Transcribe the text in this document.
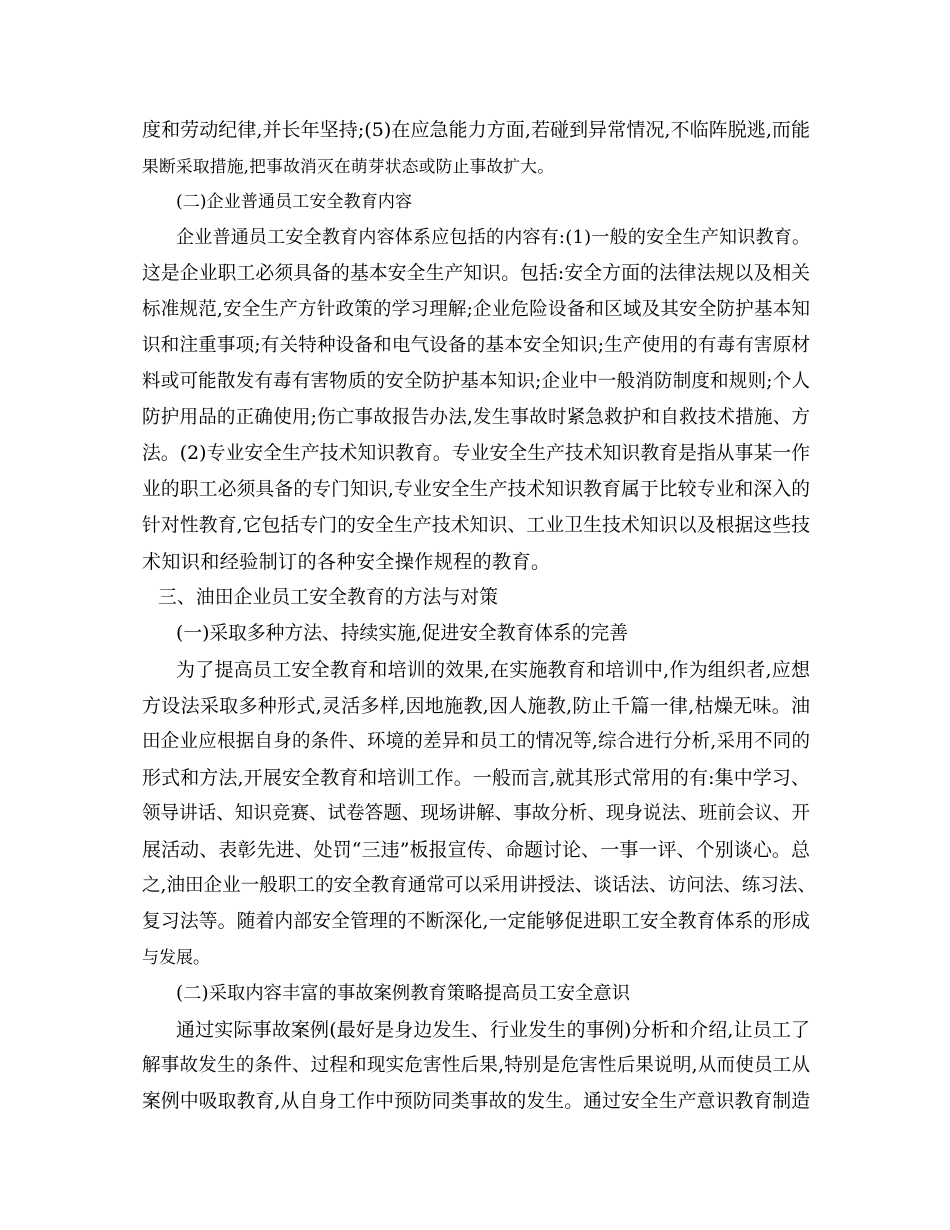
度和劳动纪律,并长年坚持;(5)在应急能力方面,若碰到异常情况,不临阵脱逃,而能
果断采取措施,把事故消灭在萌芽状态或防止事故扩大。
(二)企业普通员工安全教育内容
企业普通员工安全教育内容体系应包括的内容有:(1)一般的安全生产知识教育。
这是企业职工必须具备的基本安全生产知识。包括:安全方面的法律法规以及相关
标准规范,安全生产方针政策的学习理解;企业危险设备和区域及其安全防护基本知
识和注重事项;有关特种设备和电气设备的基本安全知识;生产使用的有毒有害原材
料或可能散发有毒有害物质的安全防护基本知识;企业中一般消防制度和规则;个人
防护用品的正确使用;伤亡事故报告办法,发生事故时紧急救护和自救技术措施、方
法。(2)专业安全生产技术知识教育。专业安全生产技术知识教育是指从事某一作
业的职工必须具备的专门知识,专业安全生产技术知识教育属于比较专业和深入的
针对性教育,它包括专门的安全生产技术知识、工业卫生技术知识以及根据这些技
术知识和经验制订的各种安全操作规程的教育。
三、油田企业员工安全教育的方法与对策
(一)采取多种方法、持续实施,促进安全教育体系的完善
为了提高员工安全教育和培训的效果,在实施教育和培训中,作为组织者,应想
方设法采取多种形式,灵活多样,因地施教,因人施教,防止千篇一律,枯燥无味。油
田企业应根据自身的条件、环境的差异和员工的情况等,综合进行分析,采用不同的
形式和方法,开展安全教育和培训工作。一般而言,就其形式常用的有:集中学习、
领导讲话、知识竞赛、试卷答题、现场讲解、事故分析、现身说法、班前会议、开
展活动、表彰先进、处罚“三违”板报宣传、命题讨论、一事一评、个别谈心。总
之,油田企业一般职工的安全教育通常可以采用讲授法、谈话法、访问法、练习法、
复习法等。随着内部安全管理的不断深化,一定能够促进职工安全教育体系的形成
与发展。
(二)采取内容丰富的事故案例教育策略提高员工安全意识
通过实际事故案例(最好是身边发生、行业发生的事例)分析和介绍,让员工了
解事故发生的条件、过程和现实危害性后果,特别是危害性后果说明,从而使员工从
案例中吸取教育,从自身工作中预防同类事故的发生。通过安全生产意识教育制造
